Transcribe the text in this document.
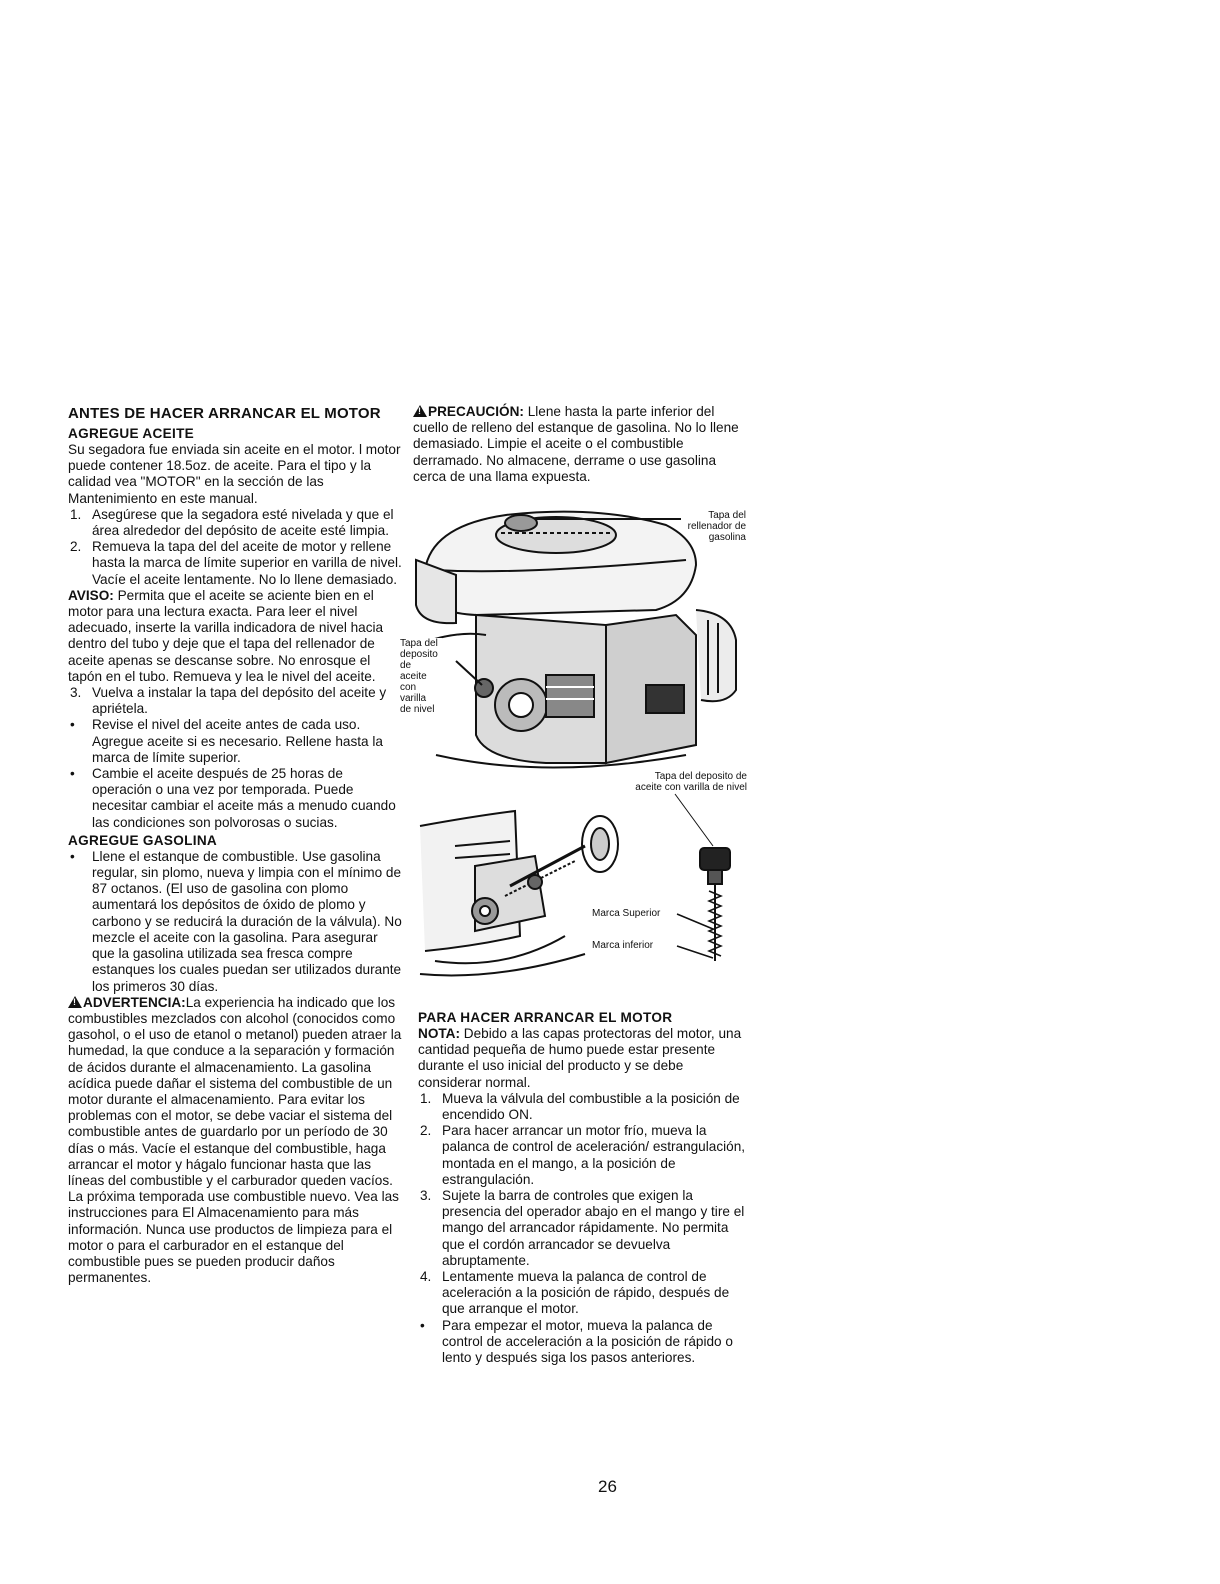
ANTES DE HACER ARRANCAR EL MOTOR
AGREGUE ACEITE

Su segadora fue enviada sin aceite en el motor. l motor puede contener 18.5oz. de aceite. Para el tipo y la calidad vea "MOTOR" en la sección de las Mantenimiento en este manual.

1. Asegúrese que la segadora esté nivelada y que el área alrededor del depósito de aceite esté limpia.
2. Remueva la tapa del del aceite de motor y rellene hasta la marca de límite superior en varilla de nivel. Vacíe el aceite lentamente. No lo llene demasiado.

AVISO: Permita que el aceite se aciente bien en el motor para una lectura exacta. Para leer el nivel adecuado, inserte la varilla indicadora de nivel hacia dentro del tubo y deje que el tapa del rellenador de aceite apenas se descanse sobre. No enrosque el tapón en el tubo. Remueva y lea le nivel del aceite.

3. Vuelva a instalar la tapa del depósito del aceite y apriétela.
• Revise el nivel del aceite antes de cada uso. Agregue aceite si es necesario. Rellene hasta la marca de límite superior.
• Cambie el aceite después de 25 horas de operación o una vez por temporada. Puede necesitar cambiar el aceite más a menudo cuando las condiciones son polvorosas o sucias.
AGREGUE GASOLINA
• Llene el estanque de combustible. Use gasolina regular, sin plomo, nueva y limpia con el mínimo de 87 octanos. (El uso de gasolina con plomo aumentará los depósitos de óxido de plomo y carbono y se reducirá la duración de la válvula). No mezcle el aceite con la gasolina. Para asegurar que la gasolina utilizada sea fresca compre estanques los cuales puedan ser utilizados durante los primeros 30 días.

!ADVERTENCIA:La experiencia ha indicado que los combustibles mezclados con alcohol (conocidos como gasohol, o el uso de etanol o metanol) pueden atraer la humedad, la que conduce a la separación y formación de ácidos durante el almacenamiento. La gasolina acídica puede dañar el sistema del combustible de un motor durante el almacenamiento. Para evitar los problemas con el motor, se debe vaciar el sistema del combustible antes de guardarlo por un período de 30 días o más. Vacíe el estanque del combustible, haga arrancar el motor y hágalo funcionar hasta que las líneas del combustible y el carburador queden vacíos. La próxima temporada use combustible nuevo. Vea las instrucciones para El Almacenamiento para más información. Nunca use productos de limpieza para el motor o para el carburador en el estanque del combustible pues se pueden producir daños permanentes.

!PRECAUCIÓN: Llene hasta la parte inferior del cuello de relleno del estanque de gasolina. No lo llene demasiado. Limpie el aceite o el combustible derramado. No almacene, derrame o use gasolina cerca de una llama expuesta.

Tapa del
rellenador de
gasolina
Tapa del
deposito
de
aceite
con
varilla
de nivel
Tapa del deposito de
aceite con varilla de nivel
Marca Superior
Marca inferior
PARA HACER ARRANCAR EL MOTOR

NOTA: Debido a las capas protectoras del motor, una cantidad pequeña de humo puede estar presente durante el uso inicial del producto y se debe considerar normal.

1. Mueva la válvula del combustible a la posición de encendido ON.
2. Para hacer arrancar un motor frío, mueva la palanca de control de aceleración/ estrangulación, montada en el mango, a la posición de estrangulación.
3. Sujete la barra de controles que exigen la presencia del operador abajo en el mango y tire el mango del arrancador rápidamente. No permita que el cordón arrancador se devuelva abruptamente.
4. Lentamente mueva la palanca de control de aceleración a la posición de rápido, después de que arranque el motor.
• Para empezar el motor, mueva la palanca de control de acceleración a la posición de rápido o lento y después siga los pasos anteriores.
26
